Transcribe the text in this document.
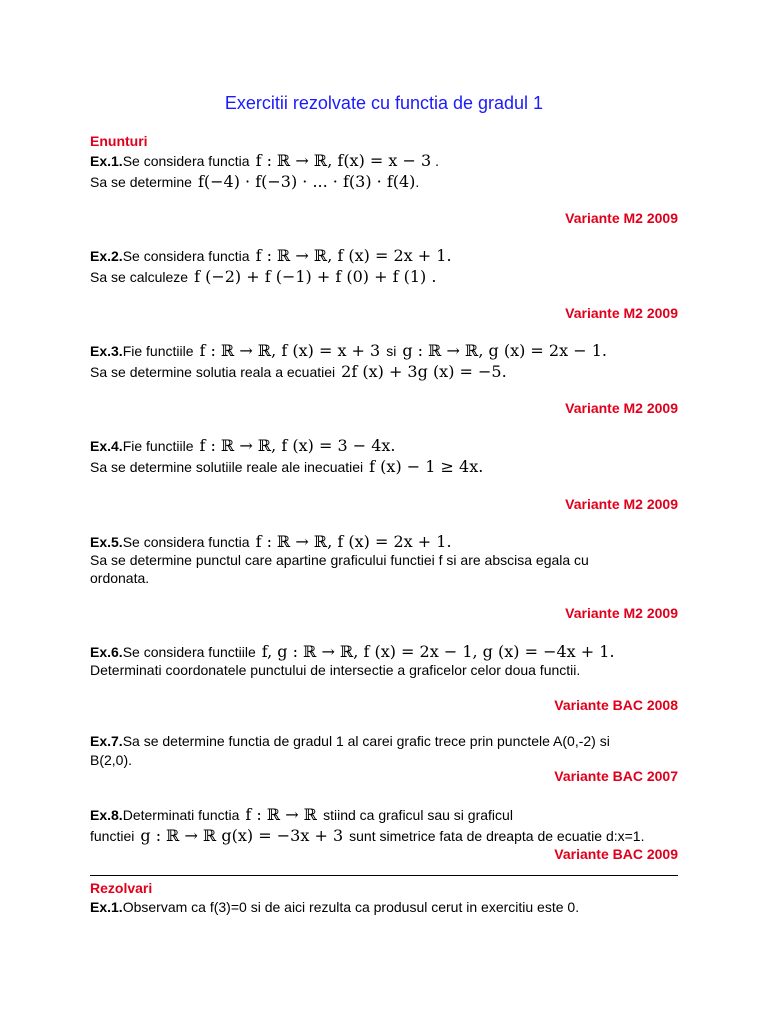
Exercitii rezolvate cu functia de gradul 1
Enunturi
Ex.1.Se considera functia f : ℝ → ℝ, f(x) = x − 3 .
Sa se determine f(−4) · f(−3) · ... · f(3) · f(4).
Variante M2 2009
Ex.2.Se considera functia f : ℝ → ℝ, f (x) = 2x + 1.
Sa se calculeze f (−2) + f (−1) + f (0) + f (1) .
Variante M2 2009
Ex.3.Fie functiile f : ℝ → ℝ, f (x) = x + 3 si g : ℝ → ℝ, g (x) = 2x − 1.
Sa se determine solutia reala a ecuatiei 2f (x) + 3g (x) = −5.
Variante M2 2009
Ex.4.Fie functiile f : ℝ → ℝ, f (x) = 3 − 4x.
Sa se determine solutiile reale ale inecuatiei f (x) − 1 ≥ 4x.
Variante M2 2009
Ex.5.Se considera functia f : ℝ → ℝ, f (x) = 2x + 1.
Sa se determine punctul care apartine graficului functiei f si are abscisa egala cu
ordonata.
Variante M2 2009
Ex.6.Se considera functiile f, g : ℝ → ℝ, f (x) = 2x − 1, g (x) = −4x + 1.
Determinati coordonatele punctului de intersectie a graficelor celor doua functii.
Variante BAC 2008
Ex.7.Sa se determine functia de gradul 1 al carei grafic trece prin punctele A(0,-2) si
B(2,0).
Variante BAC 2007
Ex.8.Determinati functia f : ℝ → ℝ stiind ca graficul sau si graficul
functiei g : ℝ → ℝ g(x) = −3x + 3 sunt simetrice fata de dreapta de ecuatie d:x=1.
Variante BAC 2009
Rezolvari
Ex.1.Observam ca f(3)=0 si de aici rezulta ca produsul cerut in exercitiu este 0.
